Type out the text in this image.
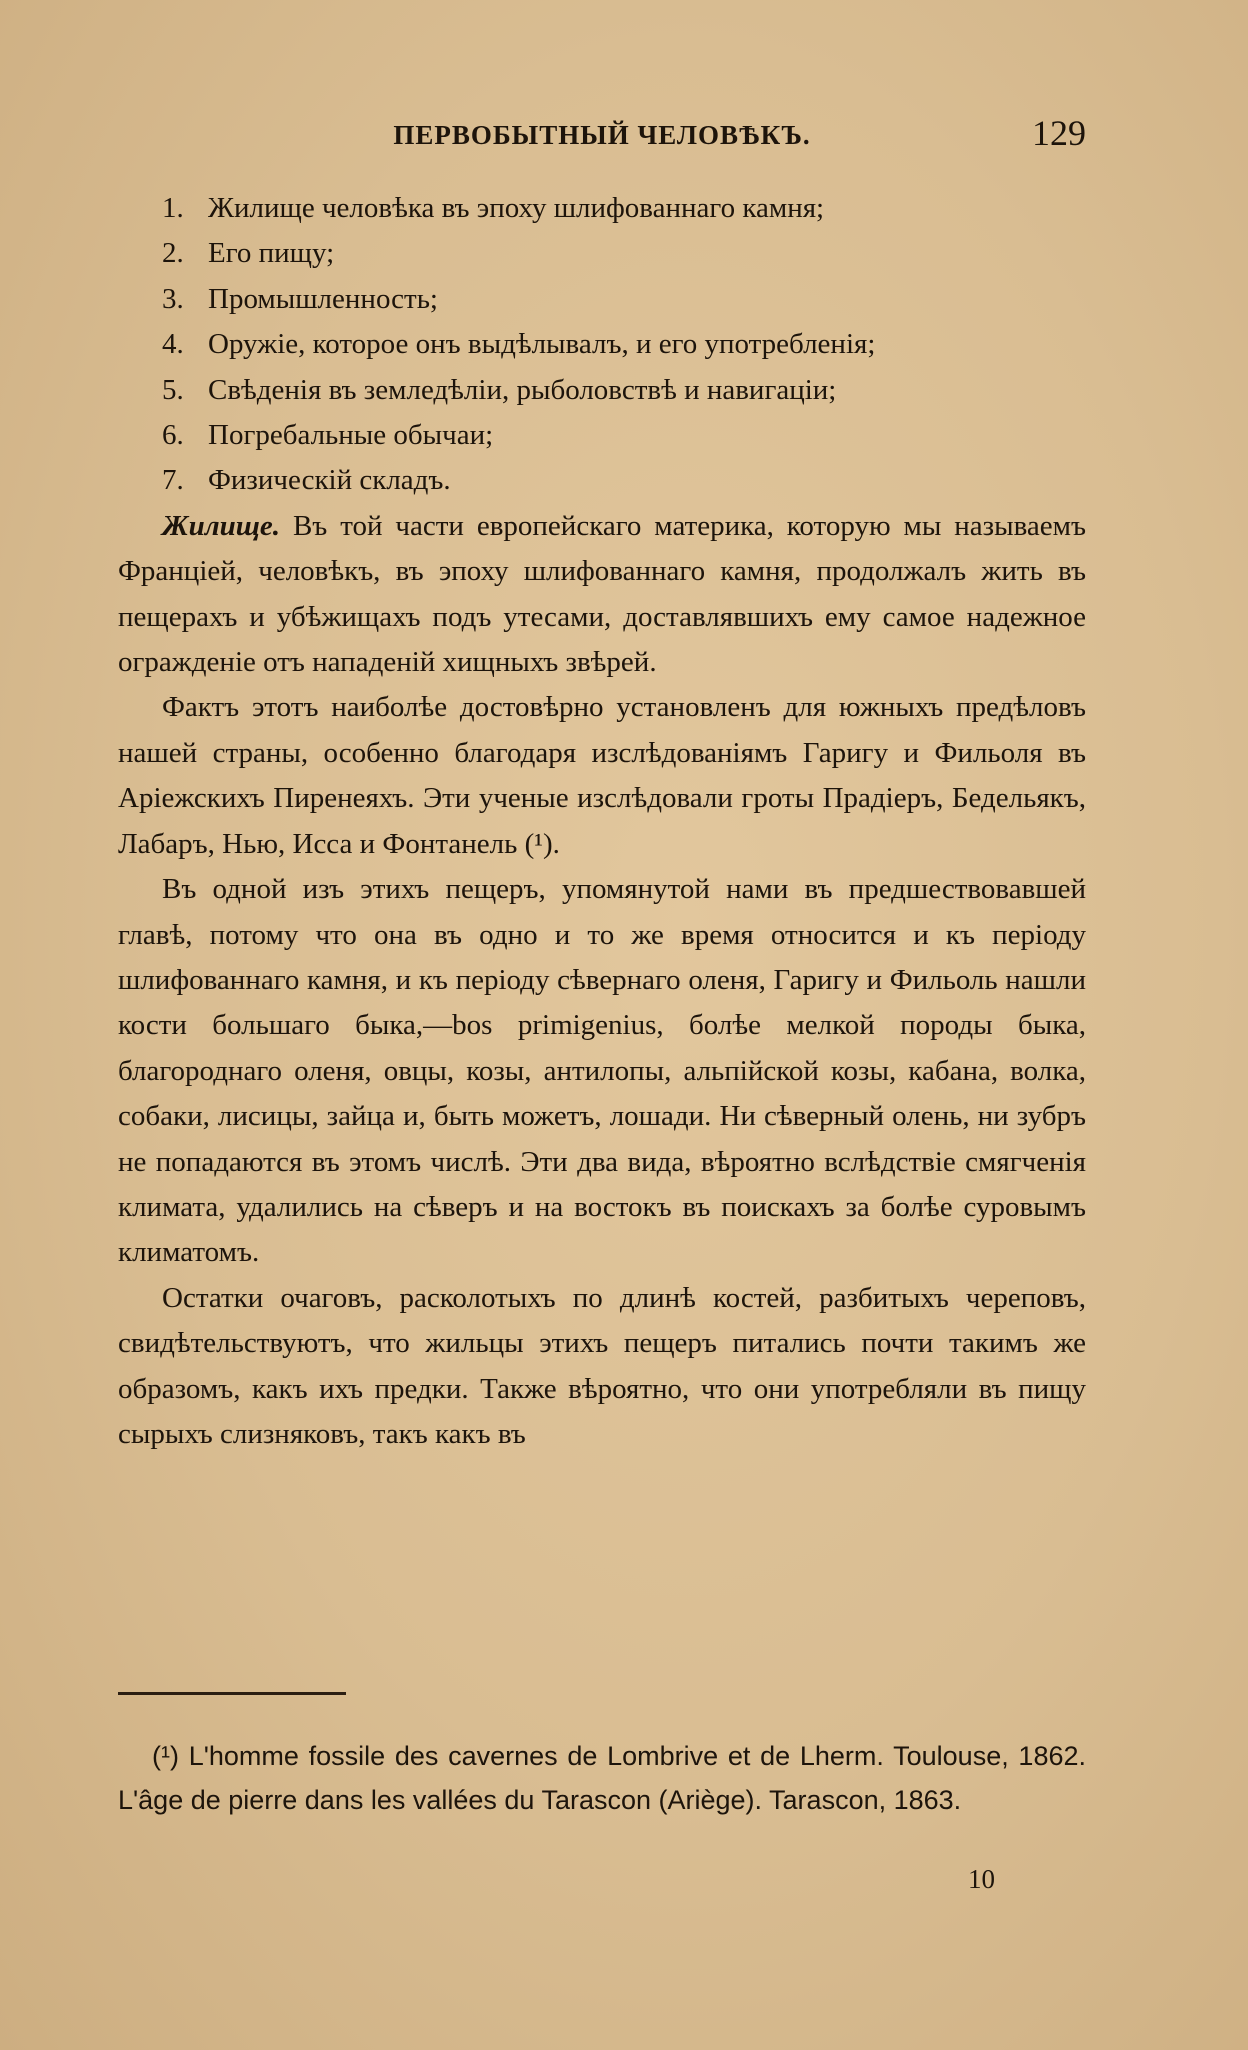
ПЕРВОБЫТНЫЙ ЧЕЛОВѢКЪ.	129
1. Жилище человѣка въ эпоху шлифованнаго камня;
2. Его пищу;
3. Промышленность;
4. Оружіе, которое онъ выдѣлывалъ, и его употребленія;
5. Свѣденія въ земледѣліи, рыболовствѣ и навигаціи;
6. Погребальные обычаи;
7. Физическій складъ.

Жилище. Въ той части европейскаго материка, которую мы называемъ Франціей, человѣкъ, въ эпоху шлифованнаго камня, продолжалъ жить въ пещерахъ и убѣжищахъ подъ утесами, доставлявшихъ ему самое надежное огражденіе отъ нападеній хищныхъ звѣрей.

Фактъ этотъ наиболѣе достовѣрно установленъ для южныхъ предѣловъ нашей страны, особенно благодаря изслѣдованіямъ Гаригу и Фильоля въ Аріежскихъ Пиренеяхъ. Эти ученые изслѣдовали гроты Прадіеръ, Бедельякъ, Лабаръ, Нью, Исса и Фонтанель (¹).

Въ одной изъ этихъ пещеръ, упомянутой нами въ предшествовавшей главѣ, потому что она въ одно и то же время относится и къ періоду шлифованнаго камня, и къ періоду сѣвернаго оленя, Гаригу и Фильоль нашли кости большаго быка,—bos primigenius, болѣе мелкой породы быка, благороднаго оленя, овцы, козы, антилопы, альпійской козы, кабана, волка, собаки, лисицы, зайца и, быть можетъ, лошади. Ни сѣверный олень, ни зубръ не попадаются въ этомъ числѣ. Эти два вида, вѣроятно вслѣдствіе смягченія климата, удалились на сѣверъ и на востокъ въ поискахъ за болѣе суровымъ климатомъ.

Остатки очаговъ, расколотыхъ по длинѣ костей, разбитыхъ череповъ, свидѣтельствуютъ, что жильцы этихъ пещеръ питались почти такимъ же образомъ, какъ ихъ предки. Также вѣроятно, что они употребляли въ пищу сырыхъ слизняковъ, такъ какъ въ

(¹) L'homme fossile des cavernes de Lombrive et de Lherm. Toulouse, 1862. L'âge de pierre dans les vallées du Tarascon (Ariège). Tarascon, 1863.

10
